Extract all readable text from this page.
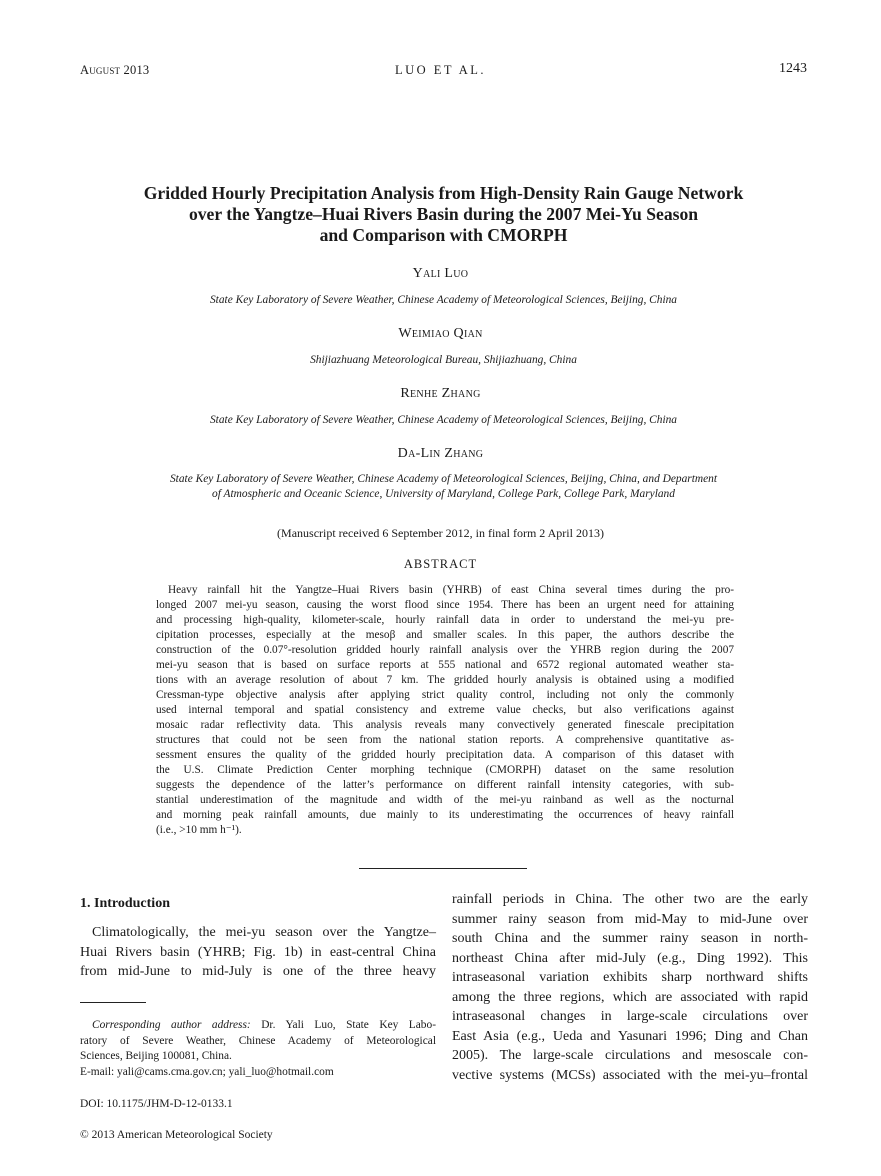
August 2013	LUO ET AL.	1243
Gridded Hourly Precipitation Analysis from High-Density Rain Gauge Network
over the Yangtze–Huai Rivers Basin during the 2007 Mei-Yu Season
and Comparison with CMORPH
Yali Luo
State Key Laboratory of Severe Weather, Chinese Academy of Meteorological Sciences, Beijing, China
Weimiao Qian
Shijiazhuang Meteorological Bureau, Shijiazhuang, China
Renhe Zhang
State Key Laboratory of Severe Weather, Chinese Academy of Meteorological Sciences, Beijing, China
Da-Lin Zhang
State Key Laboratory of Severe Weather, Chinese Academy of Meteorological Sciences, Beijing, China, and Department
of Atmospheric and Oceanic Science, University of Maryland, College Park, College Park, Maryland
(Manuscript received 6 September 2012, in final form 2 April 2013)
ABSTRACT
Heavy rainfall hit the Yangtze–Huai Rivers basin (YHRB) of east China several times during the pro-
longed 2007 mei-yu season, causing the worst flood since 1954. There has been an urgent need for attaining
and processing high-quality, kilometer-scale, hourly rainfall data in order to understand the mei-yu pre-
cipitation processes, especially at the mesoβ and smaller scales. In this paper, the authors describe the
construction of the 0.07°-resolution gridded hourly rainfall analysis over the YHRB region during the 2007
mei-yu season that is based on surface reports at 555 national and 6572 regional automated weather sta-
tions with an average resolution of about 7 km. The gridded hourly analysis is obtained using a modified
Cressman-type objective analysis after applying strict quality control, including not only the commonly
used internal temporal and spatial consistency and extreme value checks, but also verifications against
mosaic radar reflectivity data. This analysis reveals many convectively generated finescale precipitation
structures that could not be seen from the national station reports. A comprehensive quantitative as-
sessment ensures the quality of the gridded hourly precipitation data. A comparison of this dataset with
the U.S. Climate Prediction Center morphing technique (CMORPH) dataset on the same resolution
suggests the dependence of the latter’s performance on different rainfall intensity categories, with sub-
stantial underestimation of the magnitude and width of the mei-yu rainband as well as the nocturnal
and morning peak rainfall amounts, due mainly to its underestimating the occurrences of heavy rainfall
(i.e., >10 mm h⁻¹).
1. Introduction
Climatologically, the mei-yu season over the Yangtze–
Huai Rivers basin (YHRB; Fig. 1b) in east-central China
from mid-June to mid-July is one of the three heavy
rainfall periods in China. The other two are the early
summer rainy season from mid-May to mid-June over
south China and the summer rainy season in north-
northeast China after mid-July (e.g., Ding 1992). This
intraseasonal variation exhibits sharp northward shifts
among the three regions, which are associated with rapid
intraseasonal changes in large-scale circulations over
East Asia (e.g., Ueda and Yasunari 1996; Ding and Chan
2005). The large-scale circulations and mesoscale con-
vective systems (MCSs) associated with the mei-yu–frontal
Corresponding author address: Dr. Yali Luo, State Key Labo-
ratory of Severe Weather, Chinese Academy of Meteorological
Sciences, Beijing 100081, China.
E-mail: yali@cams.cma.gov.cn; yali_luo@hotmail.com
DOI: 10.1175/JHM-D-12-0133.1
© 2013 American Meteorological Society
